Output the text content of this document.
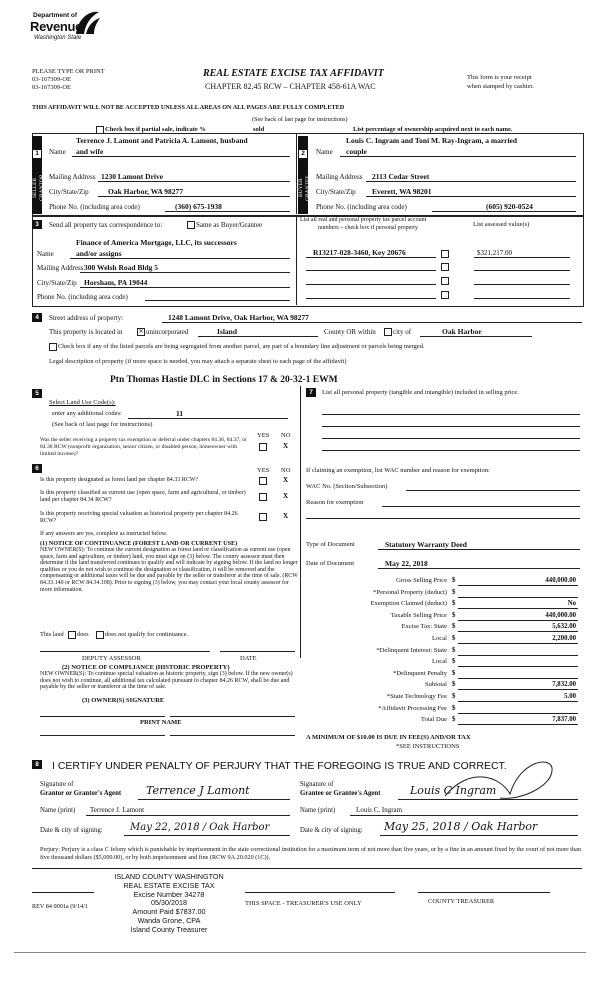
Department of
Revenue
Washington State
PLEASE TYPE OR PRINT
03-167309-OE
03-167309-OE
REAL ESTATE EXCISE TAX AFFIDAVIT
CHAPTER 82.45 RCW – CHAPTER 458-61A WAC
This form is your receipt
when stamped by cashier.
THIS AFFIDAVIT WILL NOT BE ACCEPTED UNLESS ALL AREAS ON ALL PAGES ARE FULLY COMPLETED
(See back of last page for instructions)
Check box if partial sale, indicate %	sold	List percentage of ownership acquired next to each name.
1	2
SELLER GRANTOR	BUYER GRANTEE
Terrence J. Lamont and Patricia A. Lamont, husband
Name and wife
Mailing Address 1230 Lamont Drive
City/State/Zip	Oak Harbor, WA 98277
Phone No. (including area code)	(360) 675-1938
Louis C. Ingram and Toni M. Ray-Ingram, a married
Name couple
Mailing Address 2113 Cedar Street
City/State/Zip Everett, WA 98201
Phone No. (including area code)	(605) 920-0524
3	Send all property tax correspondence to:	Same as Buyer/Grantee
Finance of America Mortgage, LLC, its successors
Name	and/or assigns
Mailing Address 300 Welsh Road Bldg 5
City/State/Zip Horsham, PA 19044
Phone No. (including area code)
List all real and personal property tax parcel account
numbers – check box if personal property	List assessed value(s)
R13217-028-3460, Key 20676	$321,217.00
4	Street address of property:	1248 Lamont Drive, Oak Harbor, WA 98277
This property is located in	✕ unincorporated	Island	County OR within city of	Oak Harbor
Check box if any of the listed parcels are being segregated from another parcel, are part of a boundary line adjustment or parcels being merged.
Legal description of property (if more space is needed, you may attach a separate sheet to each page of the affidavit)
Ptn Thomas Hastie DLC in Sections 17 & 20-32-1 EWM
5
Select Land Use Code(s):
enter any additional codes:	11
(See back of last page for instructions)
YES NO
Was the seller receiving a property tax exemption or deferral under chapters 84.36, 84.37, or 84.38 RCW (nonprofit organization, senior citizen, or disabled person, homeowner with limited income)?
X
6	YES NO
Is this property designated as forest land per chapter 84.33 RCW?	X
Is this property classified as current use (open space, farm and agricultural, or timber) land per chapter 84.34 RCW?	X
Is this property receiving special valuation as historical property per chapter 84.26 RCW?
X
If any answers are yes, complete as instructed below.
(1) NOTICE OF CONTINUANCE (FOREST LAND OR CURRENT USE)
NEW OWNER(S): To continue the current designation as forest land or classification as current use (open space, farm and agriculture, or timber) land, you must sign on (3) below. The county assessor must then determine if the land transferred continues to qualify and will indicate by signing below. If the land no longer qualifies or you do not wish to continue the designation or classification, it will be removed and the compensating or additional taxes will be due and payable by the seller or transferor at the time of sale. (RCW 84.33.140 or RCW 84.34.108). Prior to signing (3) below, you may contact your local county assessor for more information.
This land does	does not qualify for continuance.
DEPUTY ASSESSOR	DATE
(2) NOTICE OF COMPLIANCE (HISTORIC PROPERTY)
NEW OWNER(S): To continue special valuation as historic property, sign (3) below. If the new owner(s) does not wish to continue, all additional tax calculated pursuant to chapter 84.26 RCW, shall be due and payable by the seller or transferor at the time of sale.
(3) OWNER(S) SIGNATURE
PRINT NAME
7	List all personal property (tangible and intangible) included in selling price.
If claiming an exemption, list WAC number and reason for exemption:
WAC No. (Section/Subsection)
Reason for exemption
Type of Document	Statutory Warranty Deed
Date of Document	May 22, 2018
Gross Selling Price $	440,000.00
*Personal Property (deduct) $
Exemption Claimed (deduct) $	No
Taxable Selling Price $	440,000.00
Excise Tax: State $	5,632.00
Local $	2,200.00
*Delinquent Interest: State $
Local $
*Delinquent Penalty $
Subtotal $	7,832.00
*State Technology Fee $	5.00
*Affidavit Processing Fee $
Total Due $	7,837.00
A MINIMUM OF $10.00 IS DUE IN FEE(S) AND/OR TAX
*SEE INSTRUCTIONS
8	I CERTIFY UNDER PENALTY OF PERJURY THAT THE FOREGOING IS TRUE AND CORRECT.
Signature of
Grantor or Grantor's Agent Terrence J Lamont	Signature of
Grantee or Grantee's Agent	Louis C Ingram
Name (print) Terrence J. Lamont	Name (print)	Louis C. Ingram
Date & city of signing:	May 22, 2018 / Oak Harbor	Date & city of signing: May 25, 2018 / Oak Harbor
Perjury: Perjury is a class C felony which is punishable by imprisonment in the state correctional institution for a maximum term of not more than five years, or by a fine in an amount fixed by the court of not more than five thousand dollars ($5,000.00), or by both imprisonment and fine (RCW 9A.20.020 (1C)).
REV 84 0001a (9/14/1
ISLAND COUNTY WASHINGTON
REAL ESTATE EXCISE TAX
Excise Number 34278
05/30/2018
Amount Paid $7837.00
Wanda Grone, CPA
Island County Treasurer
THIS SPACE - TREASURER'S USE ONLY	COUNTY TREASURER
